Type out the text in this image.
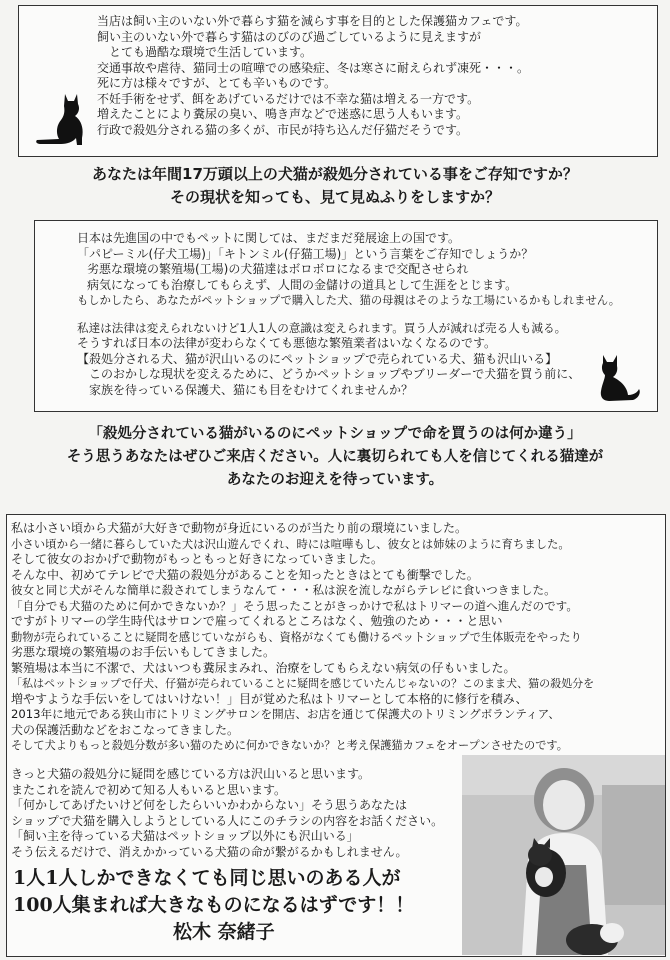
当店は飼い主のいない外で暮らす猫を減らす事を目的とした保護猫カフェです。

飼い主のいない外で暮らす猫はのびのび過ごしているように見えますが

とても過酷な環境で生活しています。

交通事故や虐待、猫同士の喧嘩での感染症、冬は寒さに耐えられず凍死・・・。

死に方は様々ですが、とても辛いものです。

不妊手術をせず、餌をあげているだけでは不幸な猫は増える一方です。

増えたことにより糞尿の臭い、鳴き声などで迷惑に思う人もいます。

行政で殺処分される猫の多くが、市民が持ち込んだ仔猫だそうです。

あなたは年間17万頭以上の犬猫が殺処分されている事をご存知ですか？
その現状を知っても、見て見ぬふりをしますか？

日本は先進国の中でもペットに関しては、まだまだ発展途上の国です。

「パピーミル(仔犬工場)」「キトンミル(仔猫工場)」という言葉をご存知でしょうか？

劣悪な環境の繁殖場(工場)の犬猫達はボロボロになるまで交配させられ

病気になっても治療してもらえず、人間の金儲けの道具として生涯をとじます。

もしかしたら、あなたがペットショップで購入した犬、猫の母親はそのような工場にいるかもしれません。

私達は法律は変えられないけど1人1人の意識は変えられます。買う人が減れば売る人も減る。

そうすれば日本の法律が変わらなくても悪徳な繁殖業者はいなくなるのです。

【殺処分される犬、猫が沢山いるのにペットショップで売られている犬、猫も沢山いる】

このおかしな現状を変えるために、どうかペットショップやブリーダーで犬猫を買う前に、

家族を待っている保護犬、猫にも目をむけてくれませんか？

「殺処分されている猫がいるのにペットショップで命を買うのは何か違う」
そう思うあなたはぜひご来店ください。人に裏切られても人を信じてくれる猫達が
あなたのお迎えを待っています。

私は小さい頃から犬猫が大好きで動物が身近にいるのが当たり前の環境にいました。

小さい頃から一緒に暮らしていた犬は沢山遊んでくれ、時には喧嘩もし、彼女とは姉妹のように育ちました。

そして彼女のおかげで動物がもっともっと好きになっていきました。

そんな中、初めてテレビで犬猫の殺処分があることを知ったときはとても衝撃でした。

彼女と同じ犬がそんな簡単に殺されてしまうなんて・・・私は涙を流しながらテレビに食いつきました。

「自分でも犬猫のために何かできないか？」そう思ったことがきっかけで私はトリマーの道へ進んだのです。

ですがトリマーの学生時代はサロンで雇ってくれるところはなく、勉強のため・・・と思い

動物が売られていることに疑問を感じていながらも、資格がなくても働けるペットショップで生体販売をやったり

劣悪な環境の繁殖場のお手伝いもしてきました。

繁殖場は本当に不潔で、犬はいつも糞尿まみれ、治療をしてもらえない病気の仔もいました。

「私はペットショップで仔犬、仔猫が売られていることに疑問を感じていたんじゃないの？このまま犬、猫の殺処分を

増やすような手伝いをしてはいけない！」目が覚めた私はトリマーとして本格的に修行を積み、

2013年に地元である狭山市にトリミングサロンを開店、お店を通じて保護犬のトリミングボランティア、

犬の保護活動などをおこなってきました。

そして犬よりもっと殺処分数が多い猫のために何かできないか？と考え保護猫カフェをオープンさせたのです。

きっと犬猫の殺処分に疑問を感じている方は沢山いると思います。

またこれを読んで初めて知る人もいると思います。

「何かしてあげたいけど何をしたらいいかわからない」そう思うあなたは

ショップで犬猫を購入しようとしている人にこのチラシの内容をお話ください。

「飼い主を待っている犬猫はペットショップ以外にも沢山いる」

そう伝えるだけで、消えかかっている犬猫の命が繋がるかもしれません。

1人1人しかできなくても同じ思いのある人が

100人集まれば大きなものになるはずです！！

松木 奈緒子
